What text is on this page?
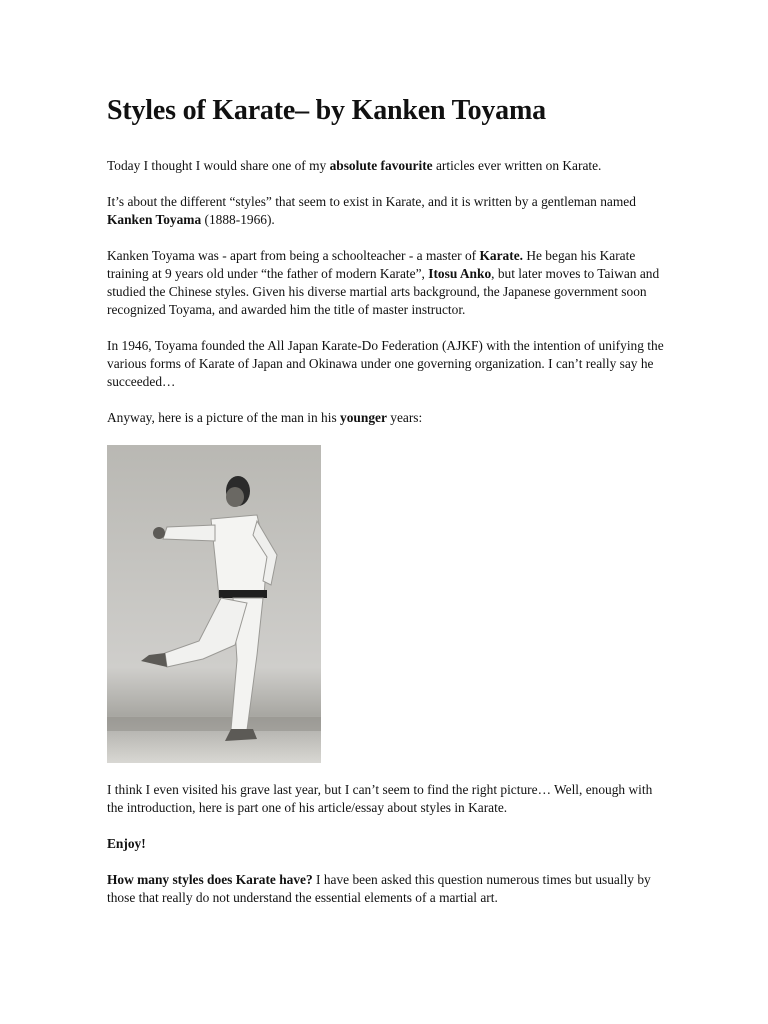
Styles of Karate– by Kanken Toyama

Today I thought I would share one of my absolute favourite articles ever written on Karate.

It’s about the different “styles” that seem to exist in Karate, and it is written by a gentleman named Kanken Toyama (1888-1966).

Kanken Toyama was - apart from being a schoolteacher - a master of Karate. He began his Karate training at 9 years old under “the father of modern Karate”, Itosu Anko, but later moves to Taiwan and studied the Chinese styles. Given his diverse martial arts background, the Japanese government soon recognized Toyama, and awarded him the title of master instructor.

In 1946, Toyama founded the All Japan Karate-Do Federation (AJKF) with the intention of unifying the various forms of Karate of Japan and Okinawa under one governing organization. I can’t really say he succeeded…

Anyway, here is a picture of the man in his younger years:

I think I even visited his grave last year, but I can’t seem to find the right picture… Well, enough with the introduction, here is part one of his article/essay about styles in Karate.

Enjoy!

How many styles does Karate have? I have been asked this question numerous times but usually by those that really do not understand the essential elements of a martial art.
